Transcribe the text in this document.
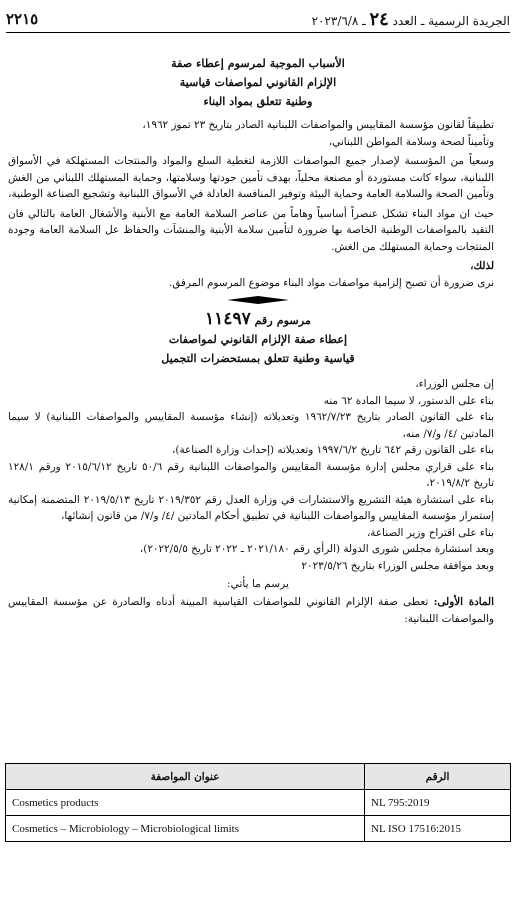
الجريدة الرسمية ـ العدد ٢٤ ـ ٢٠٢٣/٦/٨
٢٢١٥
الأسباب الموجبة لمرسوم إعطاء صفة
الإلزام القانوني لمواصفات قياسية
وطنية تتعلق بمواد البناء

تطبيقاً لقانون مؤسسة المقاييس والمواصفات اللبنانية الصادر بتاريخ ٢٣ تموز ١٩٦٢،

وتأميناً لصحة وسلامة المواطن اللبناني،

وسعياً من المؤسسة لإصدار جميع المواصفات اللازمة لتغطية السلع والمواد والمنتجات المستهلكة في الأسواق اللبنانية، سواء كانت مستوردة أو مصنعة محلياً، بهدف تأمين جودتها وسلامتها، وحماية المستهلك اللبناني من الغش وتأمين الصحة والسلامة العامة وحماية البيئة وتوفير المنافسة العادلة في الأسواق اللبنانية وتشجيع الصناعة الوطنية،

حيث ان مواد البناء تشكل عنصراً أساسياً وهاماً من عناصر السلامة العامة مع الأبنية والأشغال العامة بالتالي فان التقيد بالمواصفات الوطنية الخاصة بها ضرورة لتأمين سلامة الأبنية والمنشآت والحفاظ عل السلامة العامة وجودة المنتجات وحماية المستهلك من الغش.

لذلك،

نرى ضرورة أن تصبح إلزامية مواصفات مواد البناء موضوع المرسوم المرفق.

مرسوم رقم ١١٤٩٧
إعطاء صفة الإلزام القانوني لمواصفات
قياسية وطنية تتعلق بمستحضرات التجميل

إن مجلس الوزراء،

بناء على الدستور، لا سيما المادة ٦٢ منه

بناء على القانون الصادر بتاريخ ١٩٦٢/٧/٢٣ وتعديلاته (إنشاء مؤسسة المقاييس والمواصفات اللبنانية) لا سيما المادتين /٤/ و/٧/ منه،

بناء على القانون رقم ٦٤٢ تاريخ ١٩٩٧/٦/٢ وتعديلاته (إحداث وزارة الصناعة)،

بناء على قراري مجلس إدارة مؤسسة المقاييس والمواصفات اللبنانية رقم ٥٠/٦ تاريخ ٢٠١٥/٦/١٢ ورقم ١٢٨/١ تاريخ ٢٠١٩/٨/٢،

بناء على استشارة هيئة التشريع والاستشارات في وزارة العدل رقم ٢٠١٩/٣٥٢ تاريخ ٢٠١٩/٥/١٣ المتضمنة إمكانية إستمرار مؤسسة المقاييس والمواصفات اللبنانية في تطبيق أحكام المادتين /٤/ و/٧/ من قانون إنشائها،

بناء على اقتراح وزير الصناعة،

وبعد استشارة مجلس شورى الدولة (الرأي رقم ٢٠٢١/١٨٠ ـ ٢٠٢٢ تاريخ ٢٠٢٢/٥/٥)،

وبعد موافقة مجلس الوزراء بتاريخ ٢٠٢٣/٥/٢٦

يرسم ما يأتي:

المادة الأولى: تعطى صفة الإلزام القانوني للمواصفات القياسية المبينة أدناه والصادرة عن مؤسسة المقاييس والمواصفات اللبنانية:

الرقم	عنوان المواصفة
NL 795:2019	Cosmetics products
NL ISO 17516:2015	Cosmetics – Microbiology – Microbiological limits
